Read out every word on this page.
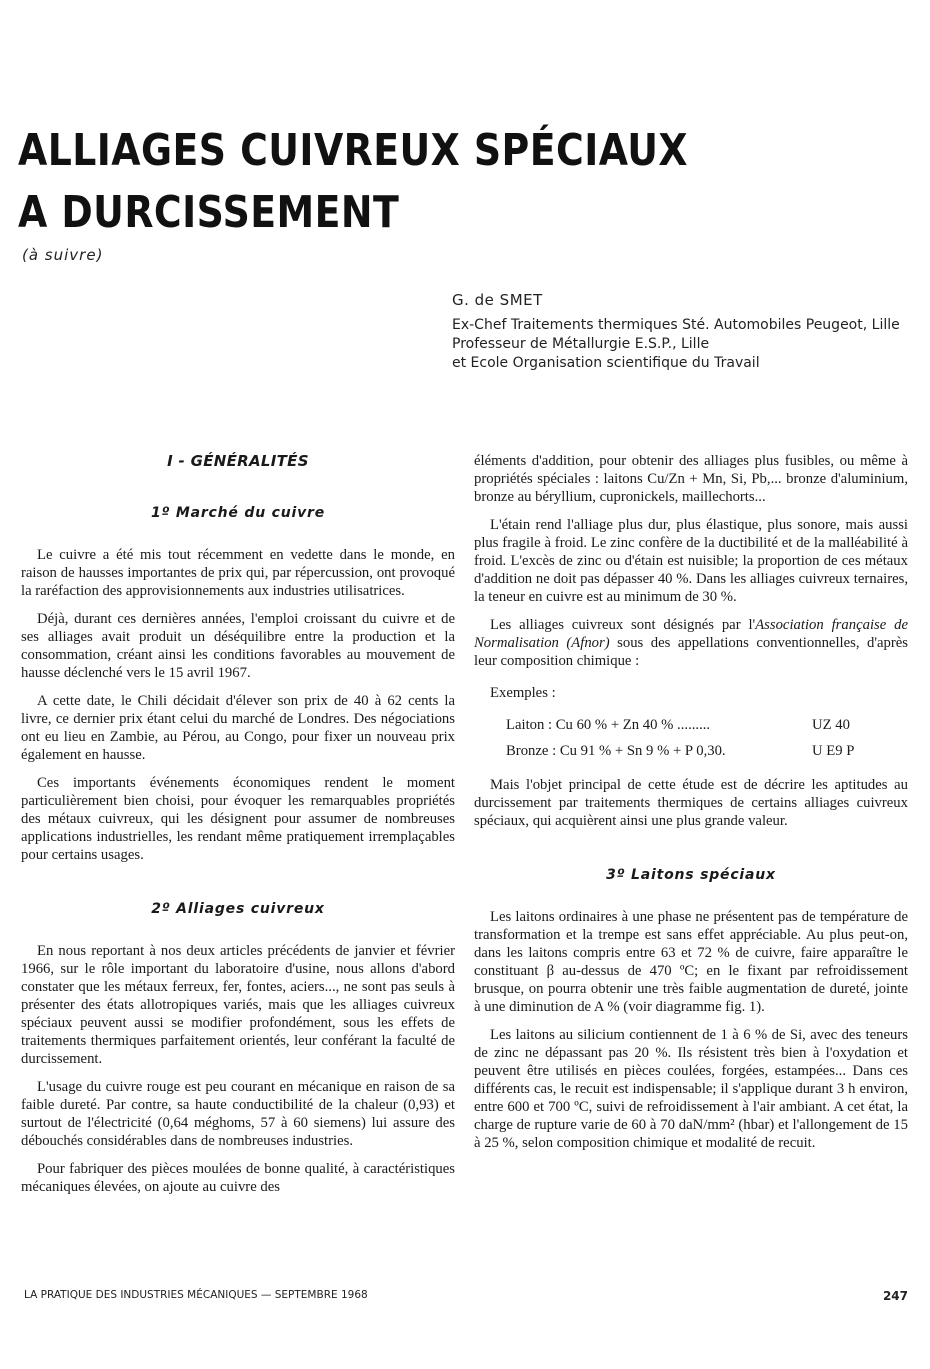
ALLIAGES CUIVREUX SPÉCIAUX
A DURCISSEMENT
(à suivre)
G. de SMET
Ex-Chef Traitements thermiques Sté. Automobiles Peugeot, Lille
Professeur de Métallurgie E.S.P., Lille
et Ecole Organisation scientifique du Travail
I - GÉNÉRALITÉS
1º Marché du cuivre

Le cuivre a été mis tout récemment en vedette dans le monde, en raison de hausses importantes de prix qui, par répercussion, ont provoqué la raréfaction des approvisionnements aux industries utilisatrices.

Déjà, durant ces dernières années, l'emploi croissant du cuivre et de ses alliages avait produit un déséquilibre entre la production et la consommation, créant ainsi les conditions favorables au mouvement de hausse déclenché vers le 15 avril 1967.

A cette date, le Chili décidait d'élever son prix de 40 à 62 cents la livre, ce dernier prix étant celui du marché de Londres. Des négociations ont eu lieu en Zambie, au Pérou, au Congo, pour fixer un nouveau prix également en hausse.

Ces importants événements économiques rendent le moment particulièrement bien choisi, pour évoquer les remarquables propriétés des métaux cuivreux, qui les désignent pour assumer de nombreuses applications industrielles, les rendant même pratiquement irremplaçables pour certains usages.

2º Alliages cuivreux

En nous reportant à nos deux articles précédents de janvier et février 1966, sur le rôle important du laboratoire d'usine, nous allons d'abord constater que les métaux ferreux, fer, fontes, aciers..., ne sont pas seuls à présenter des états allotropiques variés, mais que les alliages cuivreux spéciaux peuvent aussi se modifier profondément, sous les effets de traitements thermiques parfaitement orientés, leur conférant la faculté de durcissement.

L'usage du cuivre rouge est peu courant en mécanique en raison de sa faible dureté. Par contre, sa haute conductibilité de la chaleur (0,93) et surtout de l'électricité (0,64 méghoms, 57 à 60 siemens) lui assure des débouchés considérables dans de nombreuses industries.

Pour fabriquer des pièces moulées de bonne qualité, à caractéristiques mécaniques élevées, on ajoute au cuivre des

éléments d'addition, pour obtenir des alliages plus fusibles, ou même à propriétés spéciales : laitons Cu/Zn + Mn, Si, Pb,... bronze d'aluminium, bronze au béryllium, cupronickels, maillechorts...

L'étain rend l'alliage plus dur, plus élastique, plus sonore, mais aussi plus fragile à froid. Le zinc confère de la ductibilité et de la malléabilité à froid. L'excès de zinc ou d'étain est nuisible; la proportion de ces métaux d'addition ne doit pas dépasser 40 %. Dans les alliages cuivreux ternaires, la teneur en cuivre est au minimum de 30 %.

Les alliages cuivreux sont désignés par l'Association française de Normalisation (Afnor) sous des appellations conventionnelles, d'après leur composition chimique :

Exemples :
Laiton : Cu 60 % + Zn 40 % .........	UZ 40
Bronze : Cu 91 % + Sn 9 % + P 0,30.	U E9 P

Mais l'objet principal de cette étude est de décrire les aptitudes au durcissement par traitements thermiques de certains alliages cuivreux spéciaux, qui acquièrent ainsi une plus grande valeur.

3º Laitons spéciaux

Les laitons ordinaires à une phase ne présentent pas de température de transformation et la trempe est sans effet appréciable. Au plus peut-on, dans les laitons compris entre 63 et 72 % de cuivre, faire apparaître le constituant β au-dessus de 470 ºC; en le fixant par refroidissement brusque, on pourra obtenir une très faible augmentation de dureté, jointe à une diminution de A % (voir diagramme fig. 1).

Les laitons au silicium contiennent de 1 à 6 % de Si, avec des teneurs de zinc ne dépassant pas 20 %. Ils résistent très bien à l'oxydation et peuvent être utilisés en pièces coulées, forgées, estampées... Dans ces différents cas, le recuit est indispensable; il s'applique durant 3 h environ, entre 600 et 700 ºC, suivi de refroidissement à l'air ambiant. A cet état, la charge de rupture varie de 60 à 70 daN/mm² (hbar) et l'allongement de 15 à 25 %, selon composition chimique et modalité de recuit.

LA PRATIQUE DES INDUSTRIES MÉCANIQUES — SEPTEMBRE 1968	247
